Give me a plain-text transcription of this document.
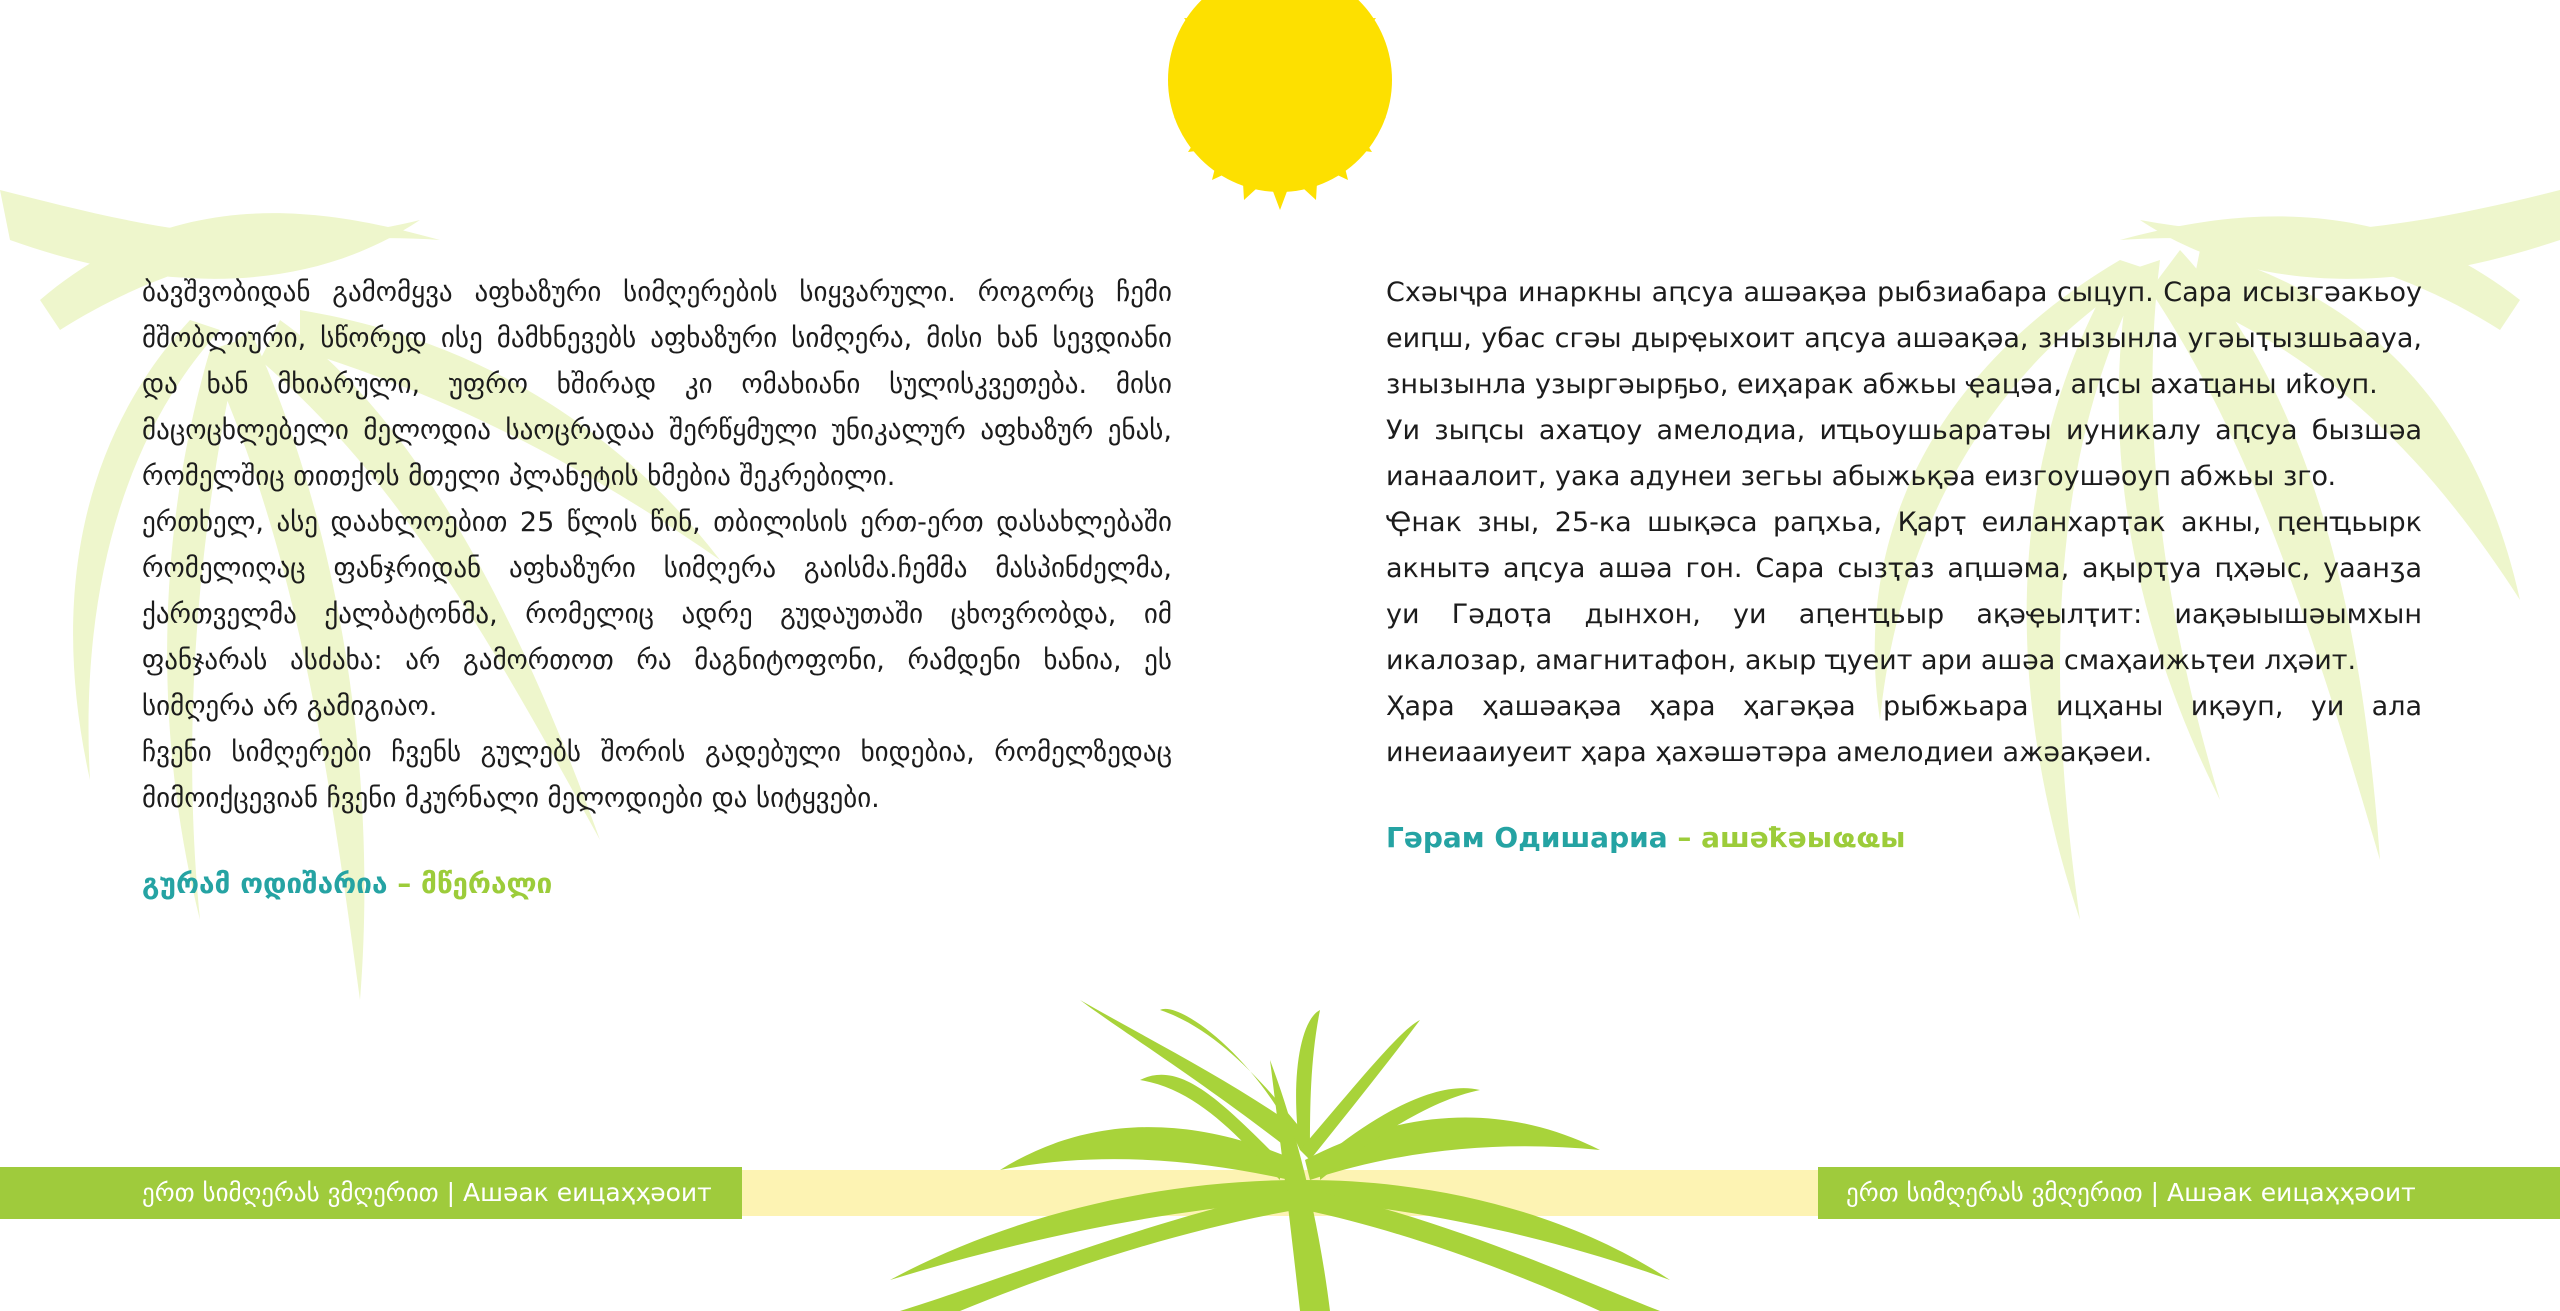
ბავშვობიდან გამომყვა აფხაზური სიმღერების სიყვარული. როგორც ჩემი მშობლიური, სწორედ ისე მამხნევებს აფხაზური სიმღერა, მისი ხან სევდიანი და ხან მხიარული, უფრო ხშირად კი ომახიანი სულისკვეთება. მისი მაცოცხლებელი მელოდია საოცრადაა შერწყმული უნიკალურ აფხაზურ ენას, რომელშიც თითქოს მთელი პლანეტის ხმებია შეკრებილი.

ერთხელ, ასე დაახლოებით 25 წლის წინ, თბილისის ერთ-ერთ დასახლებაში რომელიღაც ფანჯრიდან აფხაზური სიმღერა გაისმა.ჩემმა მასპინძელმა, ქართველმა ქალბატონმა, რომელიც ადრე გუდაუთაში ცხოვრობდა, იმ ფანჯარას ასძახა: არ გამორთოთ რა მაგნიტოფონი, რამდენი ხანია, ეს სიმღერა არ გამიგიაო.

ჩვენი სიმღერები ჩვენს გულებს შორის გადებული ხიდებია, რომელზედაც მიმოიქცევიან ჩვენი მკურნალი მელოდიები და სიტყვები.

გურამ ოდიშარია – მწერალი

Схәыҷра инаркны аԥсуа ашәақәа рыбзиабара сыцуп. Сара исызгәакьоу еиԥш, убас сгәы дырҿыхоит аԥсуа ашәақәа, знызынла угәыҭызшьаауа, знызынла узыргәырҕьо, еиҳарак абжьы ҿацәа, аԥсы ахаҵаны иҟоуп.

Уи зыԥсы ахаҵоу амелодиа, иҵьоушьаратәы иуникалу аԥсуа бызшәа ианаалоит, уака адунеи зегьы абыжьқәа еизгоушәоуп абжьы згo.

Ҿнак зны, 25-ка шықәса раԥхьа, Қарҭ еиланхарҭак акны, ԥенҵьырк акнытә аԥсуа ашәа гон. Сара сызҭаз аԥшәма, ақырҭуа ԥҳәыс, уаанӡа уи Гәдоҭа дынхон, уи аԥенҵьыр ақәҿылҭит: иақәыышәымхын икалозар, амагнитафон, акыр ҵуеит ари ашәа смаҳаижьҭеи лҳәит.

Ҳара ҳашәақәа ҳара ҳагәқәа рыбжьара ицҳаны иқәуп, уи ала инеиааиуеит ҳара ҳахәшәтәра амелодиеи ажәақәеи.

Гәрам Одишариа – ашәҟәыҩҩы
ერთ სიმღერას ვმღერით | Ашәак еицаҳҳәоит	ერთ სიმღერას ვმღერით | Ашәак еицаҳҳәоит
